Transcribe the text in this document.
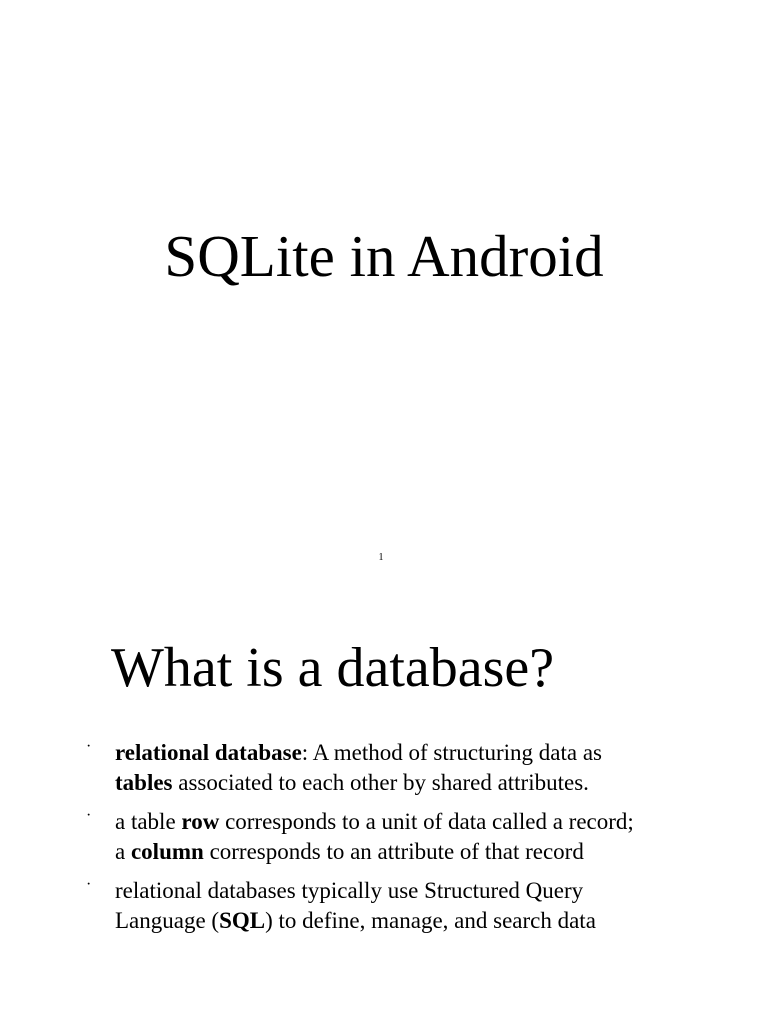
SQLite in Android
1
What is a database?
· relational database: A method of structuring data as tables associated to each other by shared attributes.
· a table row corresponds to a unit of data called a record; a column corresponds to an attribute of that record
· relational databases typically use Structured Query Language (SQL) to define, manage, and search data
